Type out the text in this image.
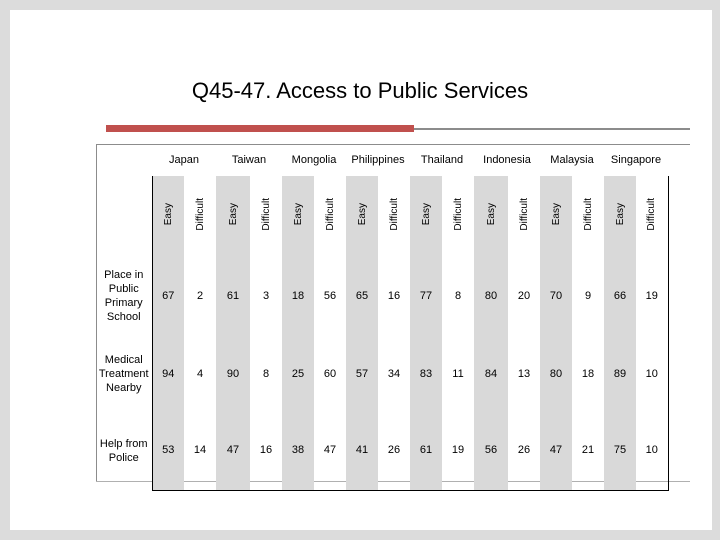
Q45-47. Access to Public Services
	Japan		Taiwan		Mongolia		Philippines		Thailand		Indonesia		Malaysia		Singapore	
	Easy	Difficult	Easy	Difficult	Easy	Difficult	Easy	Difficult	Easy	Difficult	Easy	Difficult	Easy	Difficult	Easy	Difficult
Place in
Public
Primary
School	67	2	61	3	18	56	65	16	77	8	80	20	70	9	66	19
Medical
Treatment
Nearby	94	4	90	8	25	60	57	34	83	11	84	13	80	18	89	10
Help from
Police	53	14	47	16	38	47	41	26	61	19	56	26	47	21	75	10
